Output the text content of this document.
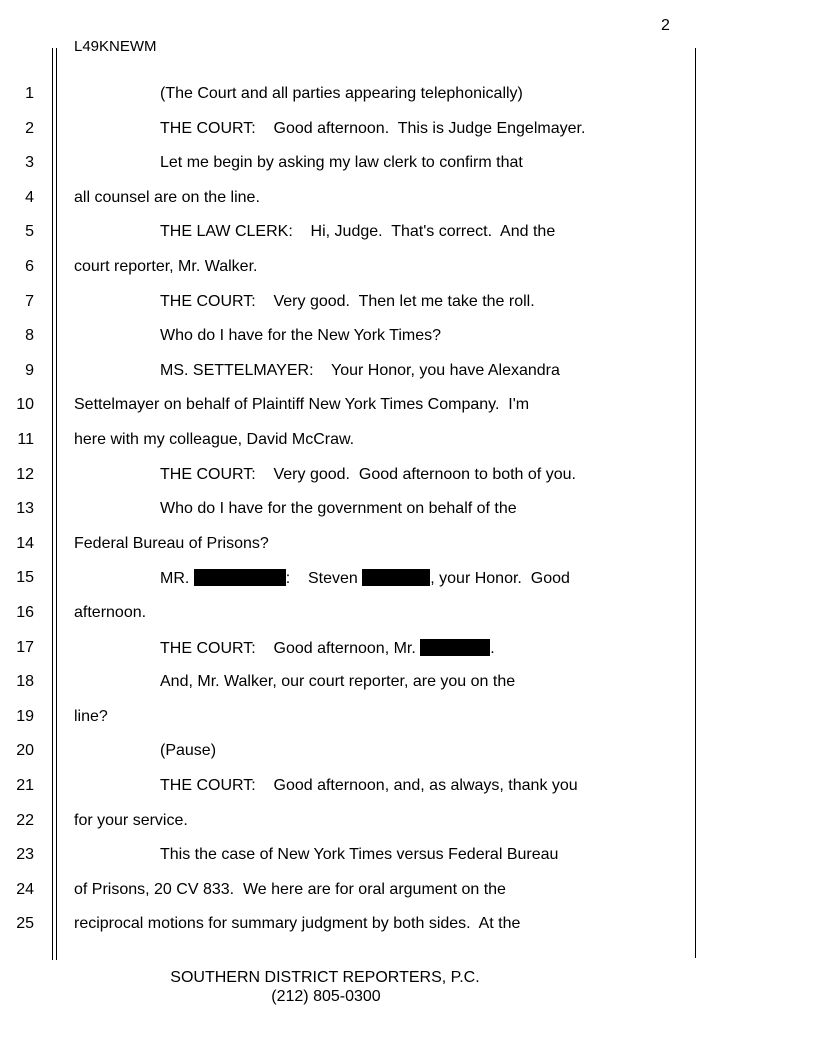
2
L49KNEWM
1	(The Court and all parties appearing telephonically)
2	THE COURT:    Good afternoon.  This is Judge Engelmayer.
3	Let me begin by asking my law clerk to confirm that
4	all counsel are on the line.
5	THE LAW CLERK:    Hi, Judge.  That's correct.  And the
6	court reporter, Mr. Walker.
7	THE COURT:    Very good.  Then let me take the roll.
8	Who do I have for the New York Times?
9	MS. SETTELMAYER:    Your Honor, you have Alexandra
10	Settelmayer on behalf of Plaintiff New York Times Company.  I'm
11	here with my colleague, David McCraw.
12	THE COURT:    Very good.  Good afternoon to both of you.
13	Who do I have for the government on behalf of the
14	Federal Bureau of Prisons?
15	MR.	:    Steven	, your Honor.  Good
16	afternoon.
17	THE COURT:    Good afternoon, Mr.	.
18	And, Mr. Walker, our court reporter, are you on the
19	line?
20	(Pause)
21	THE COURT:    Good afternoon, and, as always, thank you
22	for your service.
23	This the case of New York Times versus Federal Bureau
24	of Prisons, 20 CV 833.  We here are for oral argument on the
25	reciprocal motions for summary judgment by both sides.  At the
SOUTHERN DISTRICT REPORTERS, P.C.
(212) 805-0300
